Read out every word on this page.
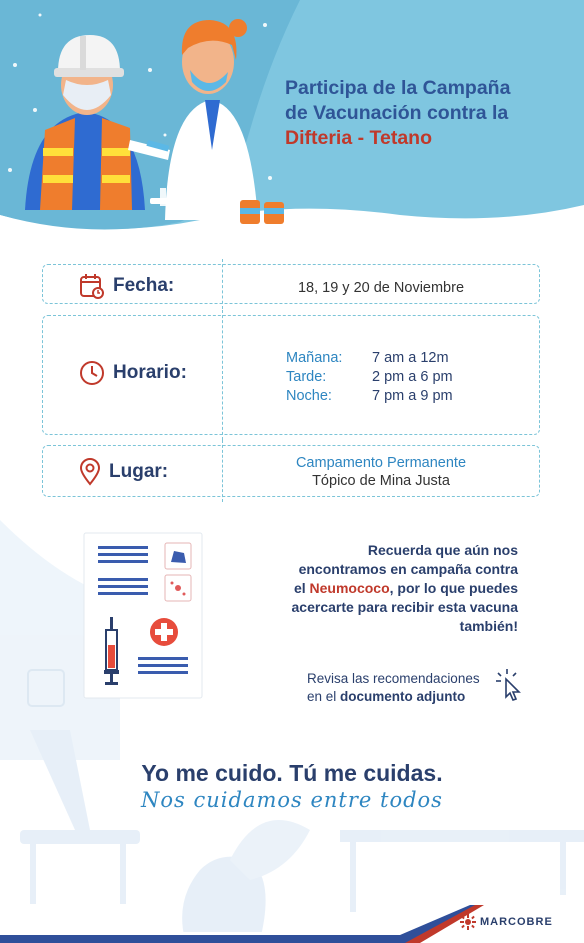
Participa de la Campaña
de Vacunación contra la
Difteria - Tetano
Fecha:	18, 19 y 20 de Noviembre
Horario:
Mañana:	7 am a 12m
Tarde:	2 pm a 6 pm
Noche:	7 pm a 9 pm
Lugar:	Campamento Permanente
Tópico de Mina Justa
Recuerda que aún nos
encontramos en campaña contra
el Neumococo, por lo que puedes
acercarte para recibir esta vacuna
también!
Revisa las recomendaciones
en el documento adjunto
Yo me cuido. Tú me cuidas.
Nos cuidamos entre todos
MARCOBRE
